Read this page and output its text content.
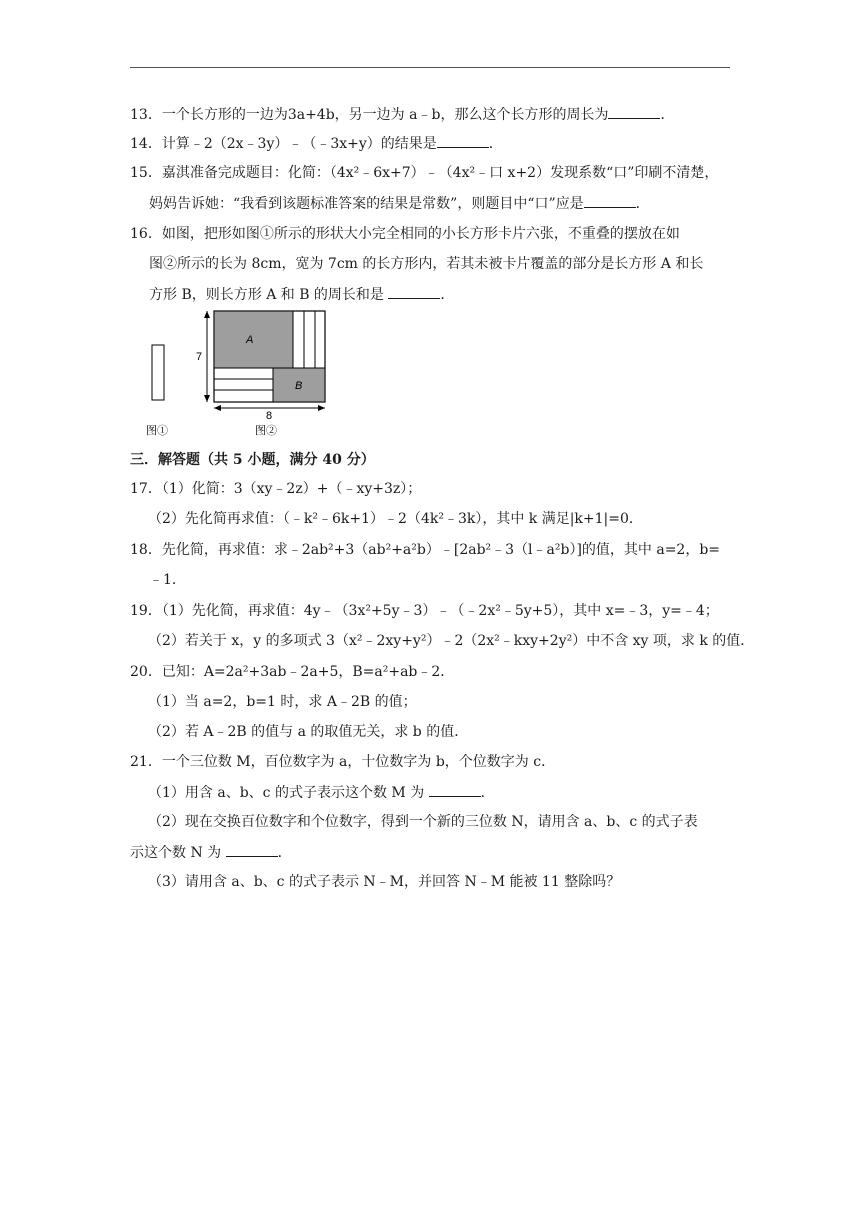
13．一个长方形的一边为3a+4b，另一边为 a﹣b，那么这个长方形的周长为	．
14．计算﹣2（2x﹣3y）﹣（﹣3x+y）的结果是	．
15．嘉淇准备完成题目：化简：（4x²﹣6x+7）﹣（4x²﹣口 x+2）发现系数“口”印刷不清楚，
妈妈告诉她：“我看到该题标准答案的结果是常数”，则题目中“口”应是	．
16．如图，把形如图①所示的形状大小完全相同的小长方形卡片六张，不重叠的摆放在如
图②所示的长为 8cm，宽为 7cm 的长方形内，若其未被卡片覆盖的部分是长方形 A 和长
方形 B，则长方形 A 和 B 的周长和是	．
A
B
7
8
图①	图②
三．解答题（共 5 小题，满分 40 分）
17．（1）化简：3（xy﹣2z）+（﹣xy+3z）；
（2）先化简再求值：（﹣k²﹣6k+1）﹣2（4k²﹣3k），其中 k 满足|k+1|=0．
18．先化简，再求值：求﹣2ab²+3（ab²+a²b）﹣[2ab²﹣3（l﹣a²b）]的值，其中 a=2，b=
﹣1．
19．（1）先化简，再求值：4y﹣（3x²+5y﹣3）﹣（﹣2x²﹣5y+5），其中 x=﹣3，y=﹣4；
（2）若关于 x，y 的多项式 3（x²﹣2xy+y²）﹣2（2x²﹣kxy+2y²）中不含 xy 项，求 k 的值．
20．已知：A=2a²+3ab﹣2a+5，B=a²+ab﹣2．
（1）当 a=2，b=1 时，求 A﹣2B 的值；
（2）若 A﹣2B 的值与 a 的取值无关，求 b 的值．
21．一个三位数 M，百位数字为 a，十位数字为 b，个位数字为 c．
（1）用含 a、b、c 的式子表示这个数 M 为	．
（2）现在交换百位数字和个位数字，得到一个新的三位数 N，请用含 a、b、c 的式子表
示这个数 N 为	．
（3）请用含 a、b、c 的式子表示 N﹣M，并回答 N﹣M 能被 11 整除吗？
